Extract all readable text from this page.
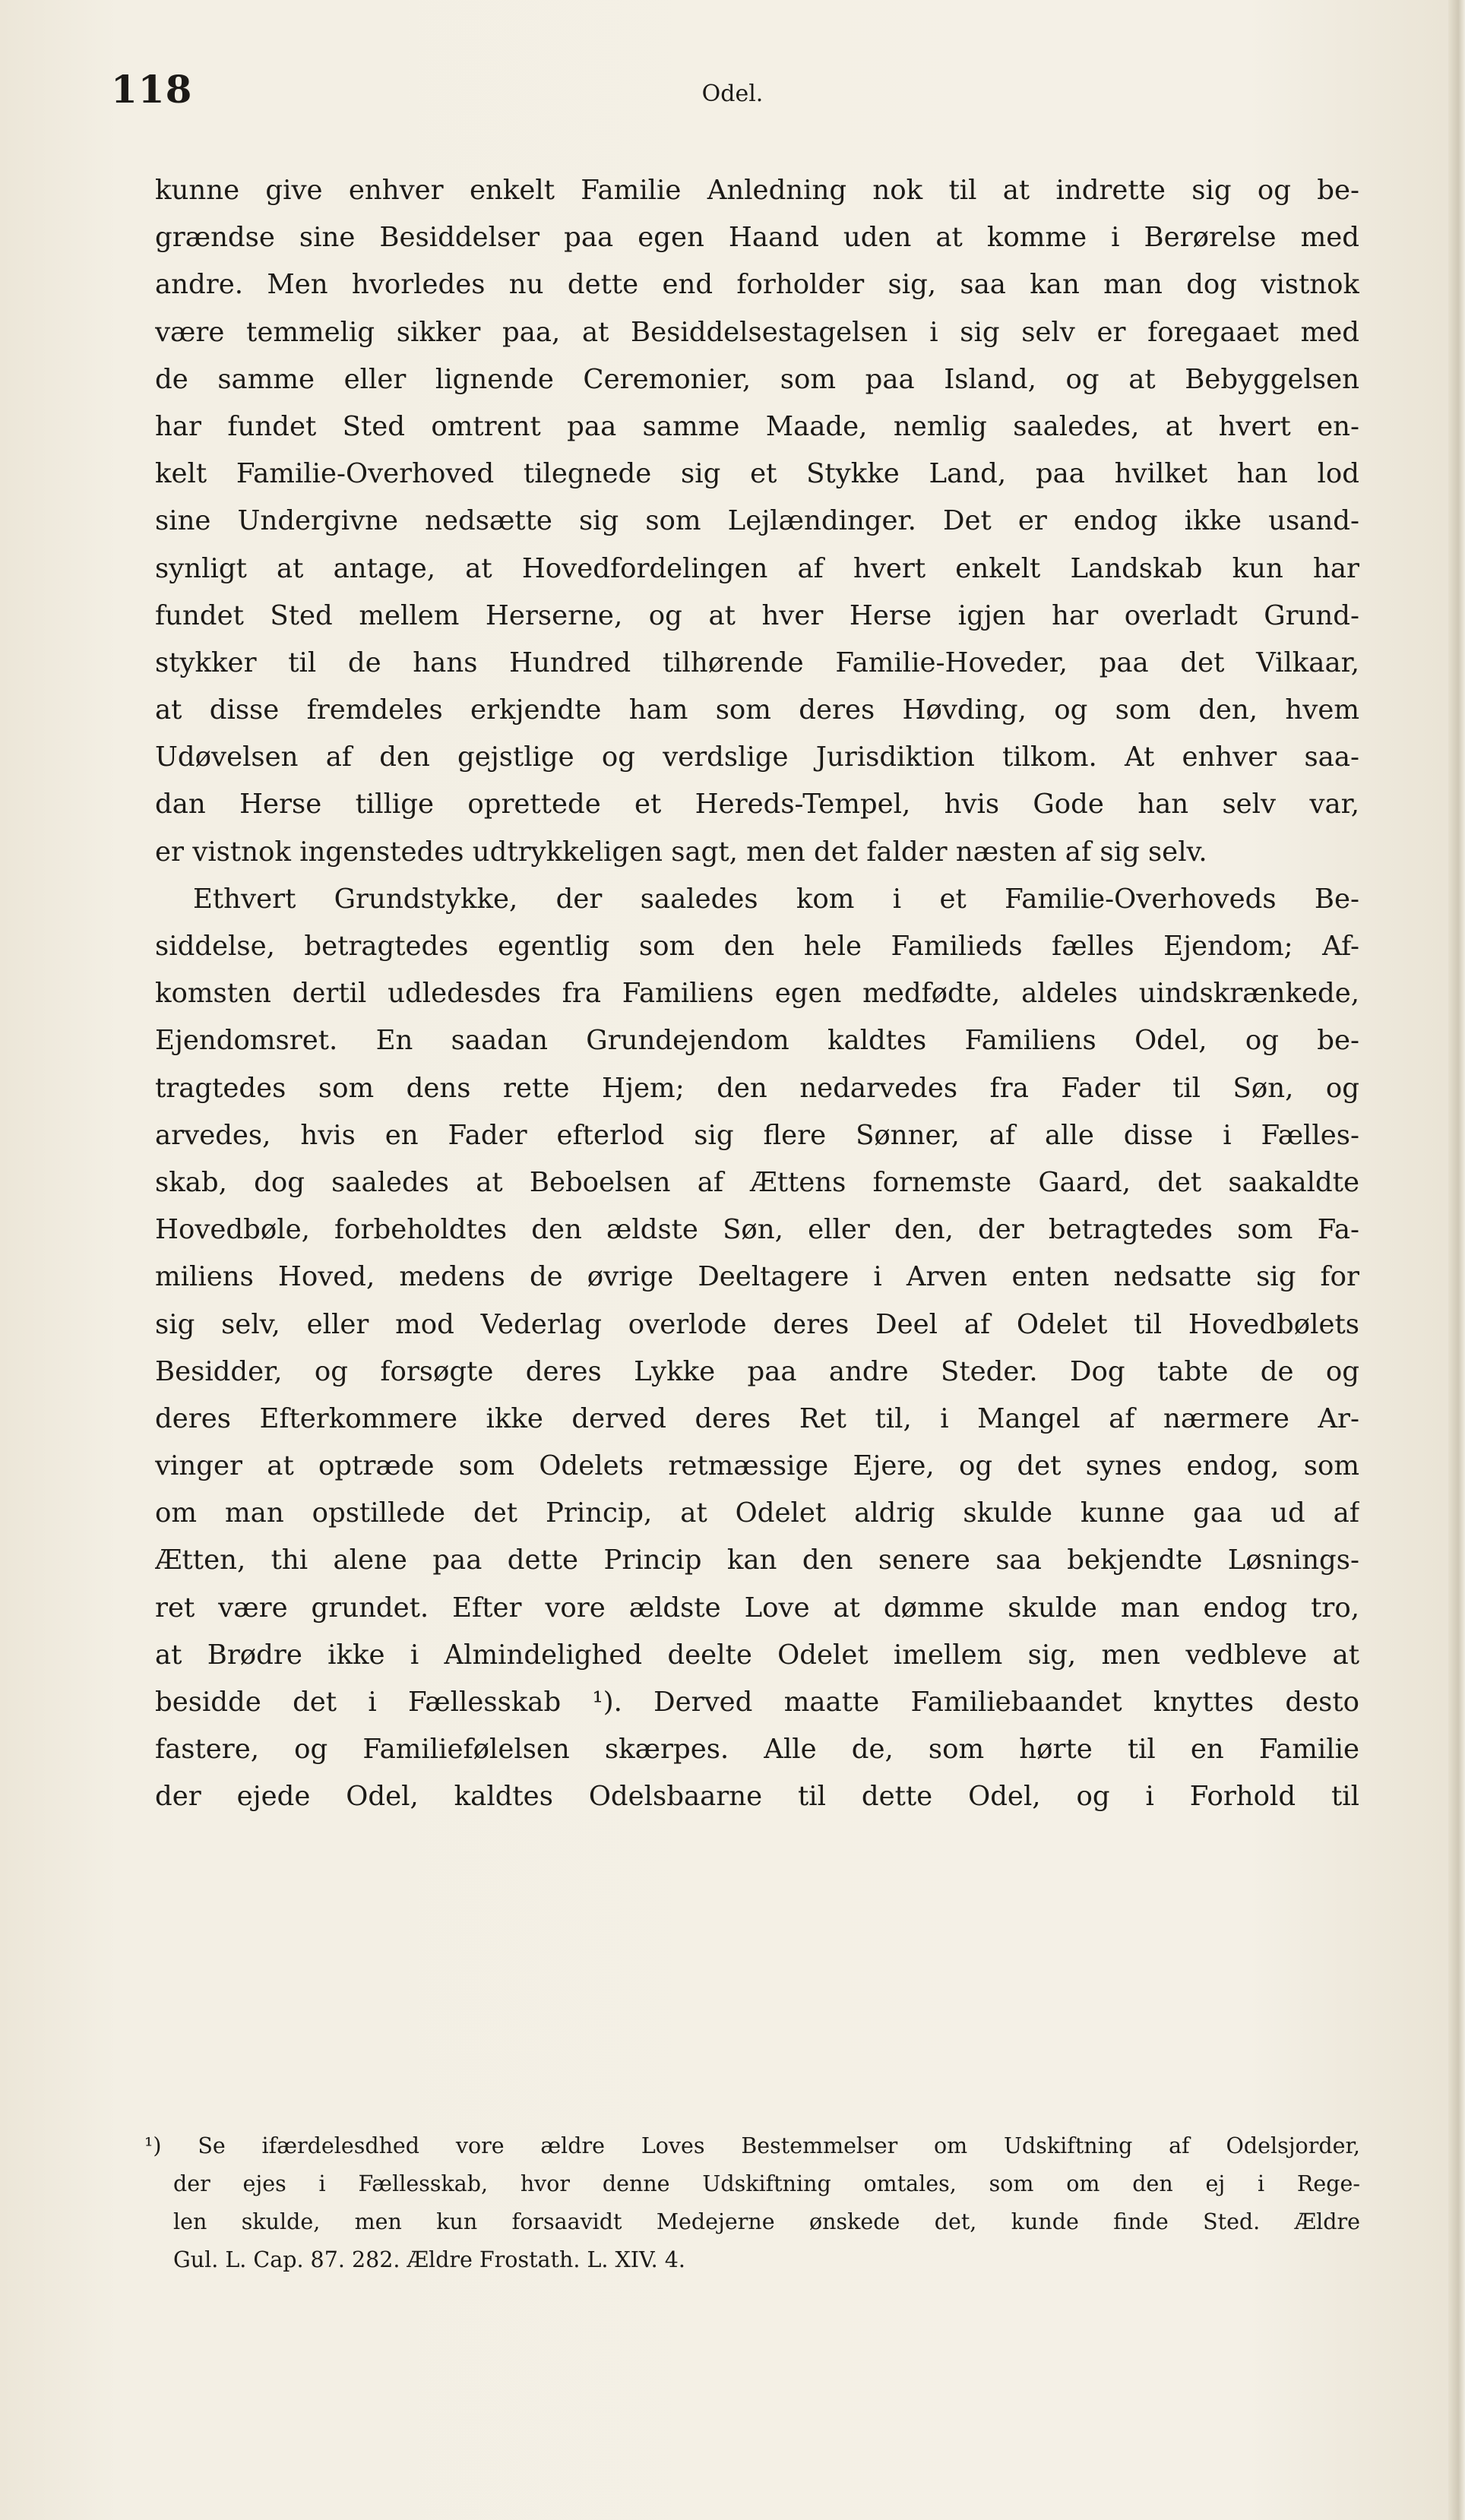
118	Odel.
kunne give enhver enkelt Familie Anledning nok til at indrette sig og be-
grændse sine Besiddelser paa egen Haand uden at komme i Berørelse med
andre. Men hvorledes nu dette end forholder sig, saa kan man dog vistnok
være temmelig sikker paa, at Besiddelsestagelsen i sig selv er foregaaet med
de samme eller lignende Ceremonier, som paa Island, og at Bebyggelsen
har fundet Sted omtrent paa samme Maade, nemlig saaledes, at hvert en-
kelt Familie-Overhoved tilegnede sig et Stykke Land, paa hvilket han lod
sine Undergivne nedsætte sig som Lejlændinger. Det er endog ikke usand-
synligt at antage, at Hovedfordelingen af hvert enkelt Landskab kun har
fundet Sted mellem Herserne, og at hver Herse igjen har overladt Grund-
stykker til de hans Hundred tilhørende Familie-Hoveder, paa det Vilkaar,
at disse fremdeles erkjendte ham som deres Høvding, og som den, hvem
Udøvelsen af den gejstlige og verdslige Jurisdiktion tilkom. At enhver saa-
dan Herse tillige oprettede et Hereds-Tempel, hvis Gode han selv var,
er vistnok ingenstedes udtrykkeligen sagt, men det falder næsten af sig selv.
Ethvert Grundstykke, der saaledes kom i et Familie-Overhoveds Be-
siddelse, betragtedes egentlig som den hele Familieds fælles Ejendom; Af-
komsten dertil udledesdes fra Familiens egen medfødte, aldeles uindskrænkede,
Ejendomsret. En saadan Grundejendom kaldtes Familiens Odel, og be-
tragtedes som dens rette Hjem; den nedarvedes fra Fader til Søn, og
arvedes, hvis en Fader efterlod sig flere Sønner, af alle disse i Fælles-
skab, dog saaledes at Beboelsen af Ættens fornemste Gaard, det saakaldte
Hovedbøle, forbeholdtes den ældste Søn, eller den, der betragtedes som Fa-
miliens Hoved, medens de øvrige Deeltagere i Arven enten nedsatte sig for
sig selv, eller mod Vederlag overlode deres Deel af Odelet til Hovedbølets
Besidder, og forsøgte deres Lykke paa andre Steder. Dog tabte de og
deres Efterkommere ikke derved deres Ret til, i Mangel af nærmere Ar-
vinger at optræde som Odelets retmæssige Ejere, og det synes endog, som
om man opstillede det Princip, at Odelet aldrig skulde kunne gaa ud af
Ætten, thi alene paa dette Princip kan den senere saa bekjendte Løsnings-
ret være grundet. Efter vore ældste Love at dømme skulde man endog tro,
at Brødre ikke i Almindelighed deelte Odelet imellem sig, men vedbleve at
besidde det i Fællesskab ¹). Derved maatte Familiebaandet knyttes desto
fastere, og Familiefølelsen skærpes. Alle de, som hørte til en Familie
der ejede Odel, kaldtes Odelsbaarne til dette Odel, og i Forhold til
¹) Se ifærdelesdhed vore ældre Loves Bestemmelser om Udskiftning af Odelsjorder,
der ejes i Fællesskab, hvor denne Udskiftning omtales, som om den ej i Rege-
len skulde, men kun forsaavidt Medejerne ønskede det, kunde finde Sted. Ældre
Gul. L. Cap. 87. 282. Ældre Frostath. L. XIV. 4.
